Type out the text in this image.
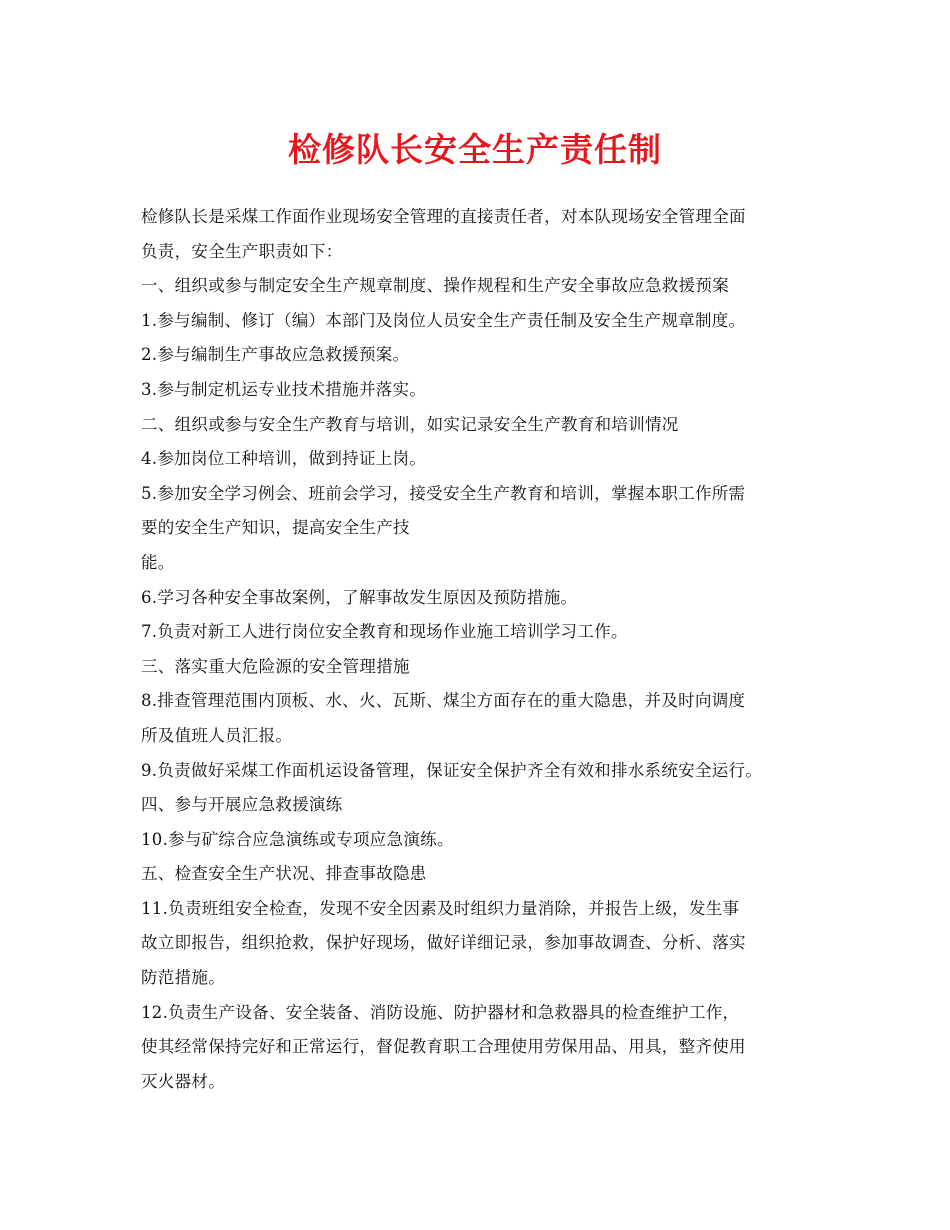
检修队长安全生产责任制
检修队长是采煤工作面作业现场安全管理的直接责任者，对本队现场安全管理全面
负责，安全生产职责如下：
一、组织或参与制定安全生产规章制度、操作规程和生产安全事故应急救援预案
1.参与编制、修订（编）本部门及岗位人员安全生产责任制及安全生产规章制度。
2.参与编制生产事故应急救援预案。
3.参与制定机运专业技术措施并落实。
二、组织或参与安全生产教育与培训，如实记录安全生产教育和培训情况
4.参加岗位工种培训，做到持证上岗。
5.参加安全学习例会、班前会学习，接受安全生产教育和培训，掌握本职工作所需
要的安全生产知识，提高安全生产技
能。
6.学习各种安全事故案例，了解事故发生原因及预防措施。
7.负责对新工人进行岗位安全教育和现场作业施工培训学习工作。
三、落实重大危险源的安全管理措施
8.排查管理范围内顶板、水、火、瓦斯、煤尘方面存在的重大隐患，并及时向调度
所及值班人员汇报。
9.负责做好采煤工作面机运设备管理，保证安全保护齐全有效和排水系统安全运行。
四、参与开展应急救援演练
10.参与矿综合应急演练或专项应急演练。
五、检查安全生产状况、排查事故隐患
11.负责班组安全检查，发现不安全因素及时组织力量消除，并报告上级，发生事
故立即报告，组织抢救，保护好现场，做好详细记录，参加事故调查、分析、落实
防范措施。
12.负责生产设备、安全装备、消防设施、防护器材和急救器具的检查维护工作，
使其经常保持完好和正常运行，督促教育职工合理使用劳保用品、用具，整齐使用
灭火器材。
